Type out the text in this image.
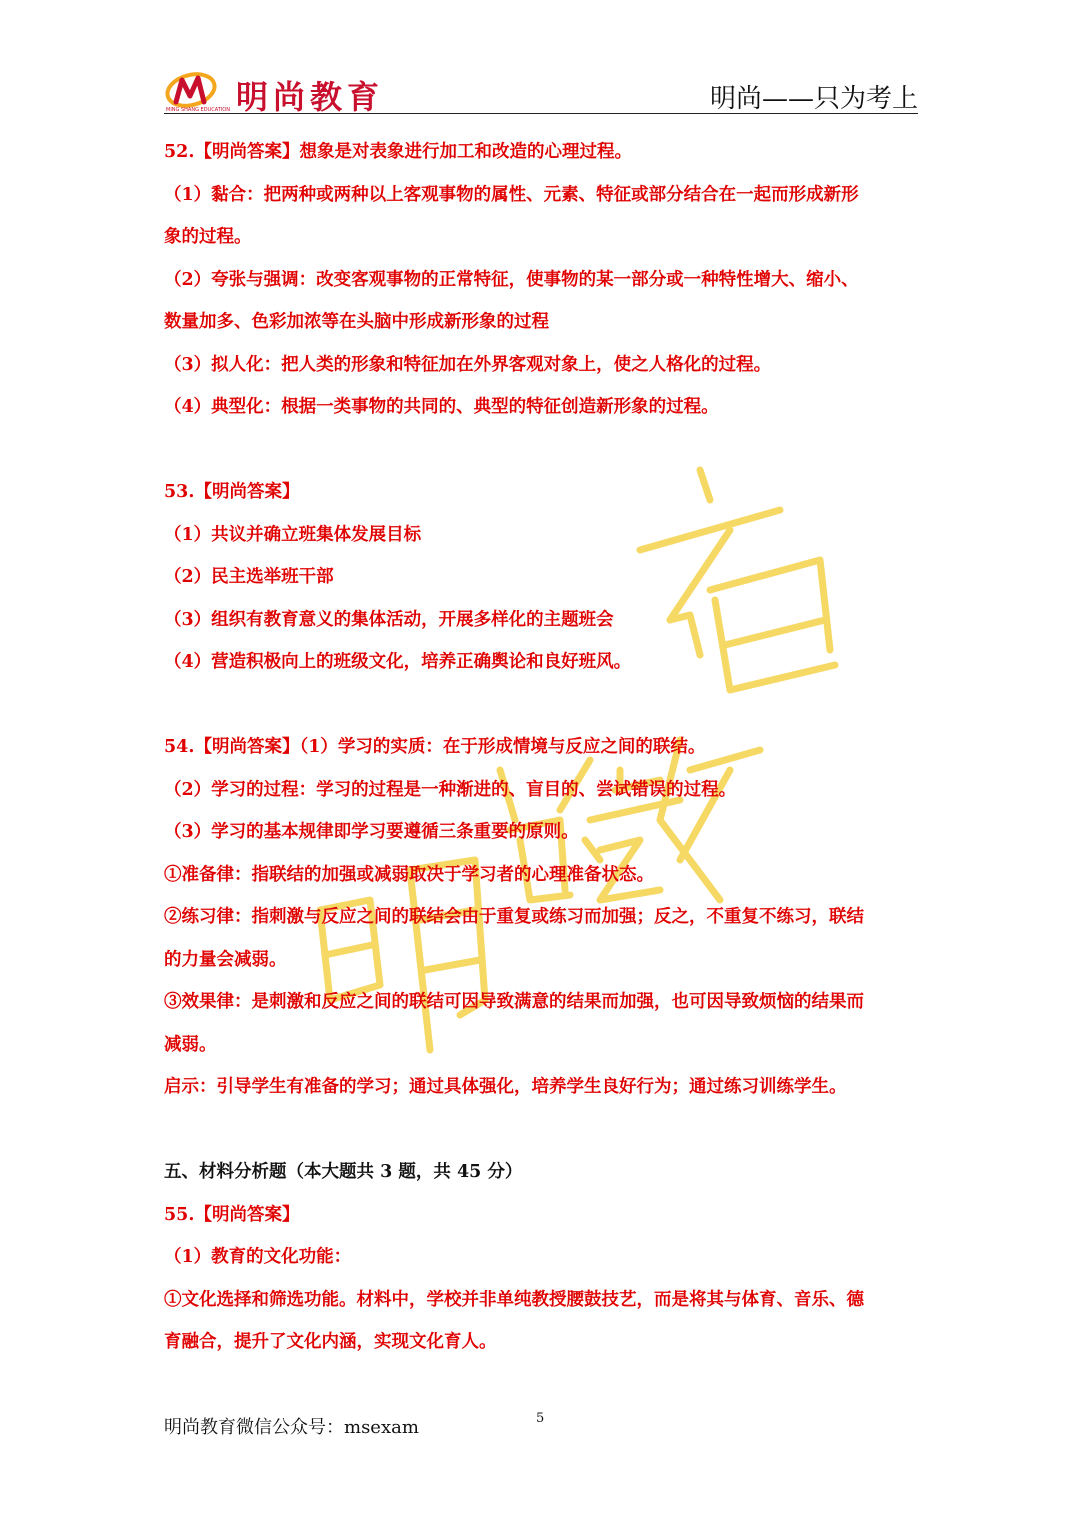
MING SHANG EDUCATION 明尚教育	明尚——只为考上
52.【明尚答案】想象是对表象进行加工和改造的心理过程。
（1）黏合：把两种或两种以上客观事物的属性、元素、特征或部分结合在一起而形成新形
象的过程。
（2）夸张与强调：改变客观事物的正常特征，使事物的某一部分或一种特性增大、缩小、
数量加多、色彩加浓等在头脑中形成新形象的过程
（3）拟人化：把人类的形象和特征加在外界客观对象上，使之人格化的过程。
（4）典型化：根据一类事物的共同的、典型的特征创造新形象的过程。
53.【明尚答案】
（1）共议并确立班集体发展目标
（2）民主选举班干部
（3）组织有教育意义的集体活动，开展多样化的主题班会
（4）营造积极向上的班级文化，培养正确舆论和良好班风。
54.【明尚答案】（1）学习的实质：在于形成情境与反应之间的联结。
（2）学习的过程：学习的过程是一种渐进的、盲目的、尝试错误的过程。
（3）学习的基本规律即学习要遵循三条重要的原则。
①准备律：指联结的加强或减弱取决于学习者的心理准备状态。
②练习律：指刺激与反应之间的联结会由于重复或练习而加强；反之，不重复不练习，联结
的力量会减弱。
③效果律：是刺激和反应之间的联结可因导致满意的结果而加强，也可因导致烦恼的结果而
减弱。
启示：引导学生有准备的学习；通过具体强化，培养学生良好行为；通过练习训练学生。
五、材料分析题（本大题共 3 题，共 45 分）
55.【明尚答案】
（1）教育的文化功能：
①文化选择和筛选功能。材料中，学校并非单纯教授腰鼓技艺，而是将其与体育、音乐、德
育融合，提升了文化内涵，实现文化育人。
明尚教育微信公众号：msexam	5
